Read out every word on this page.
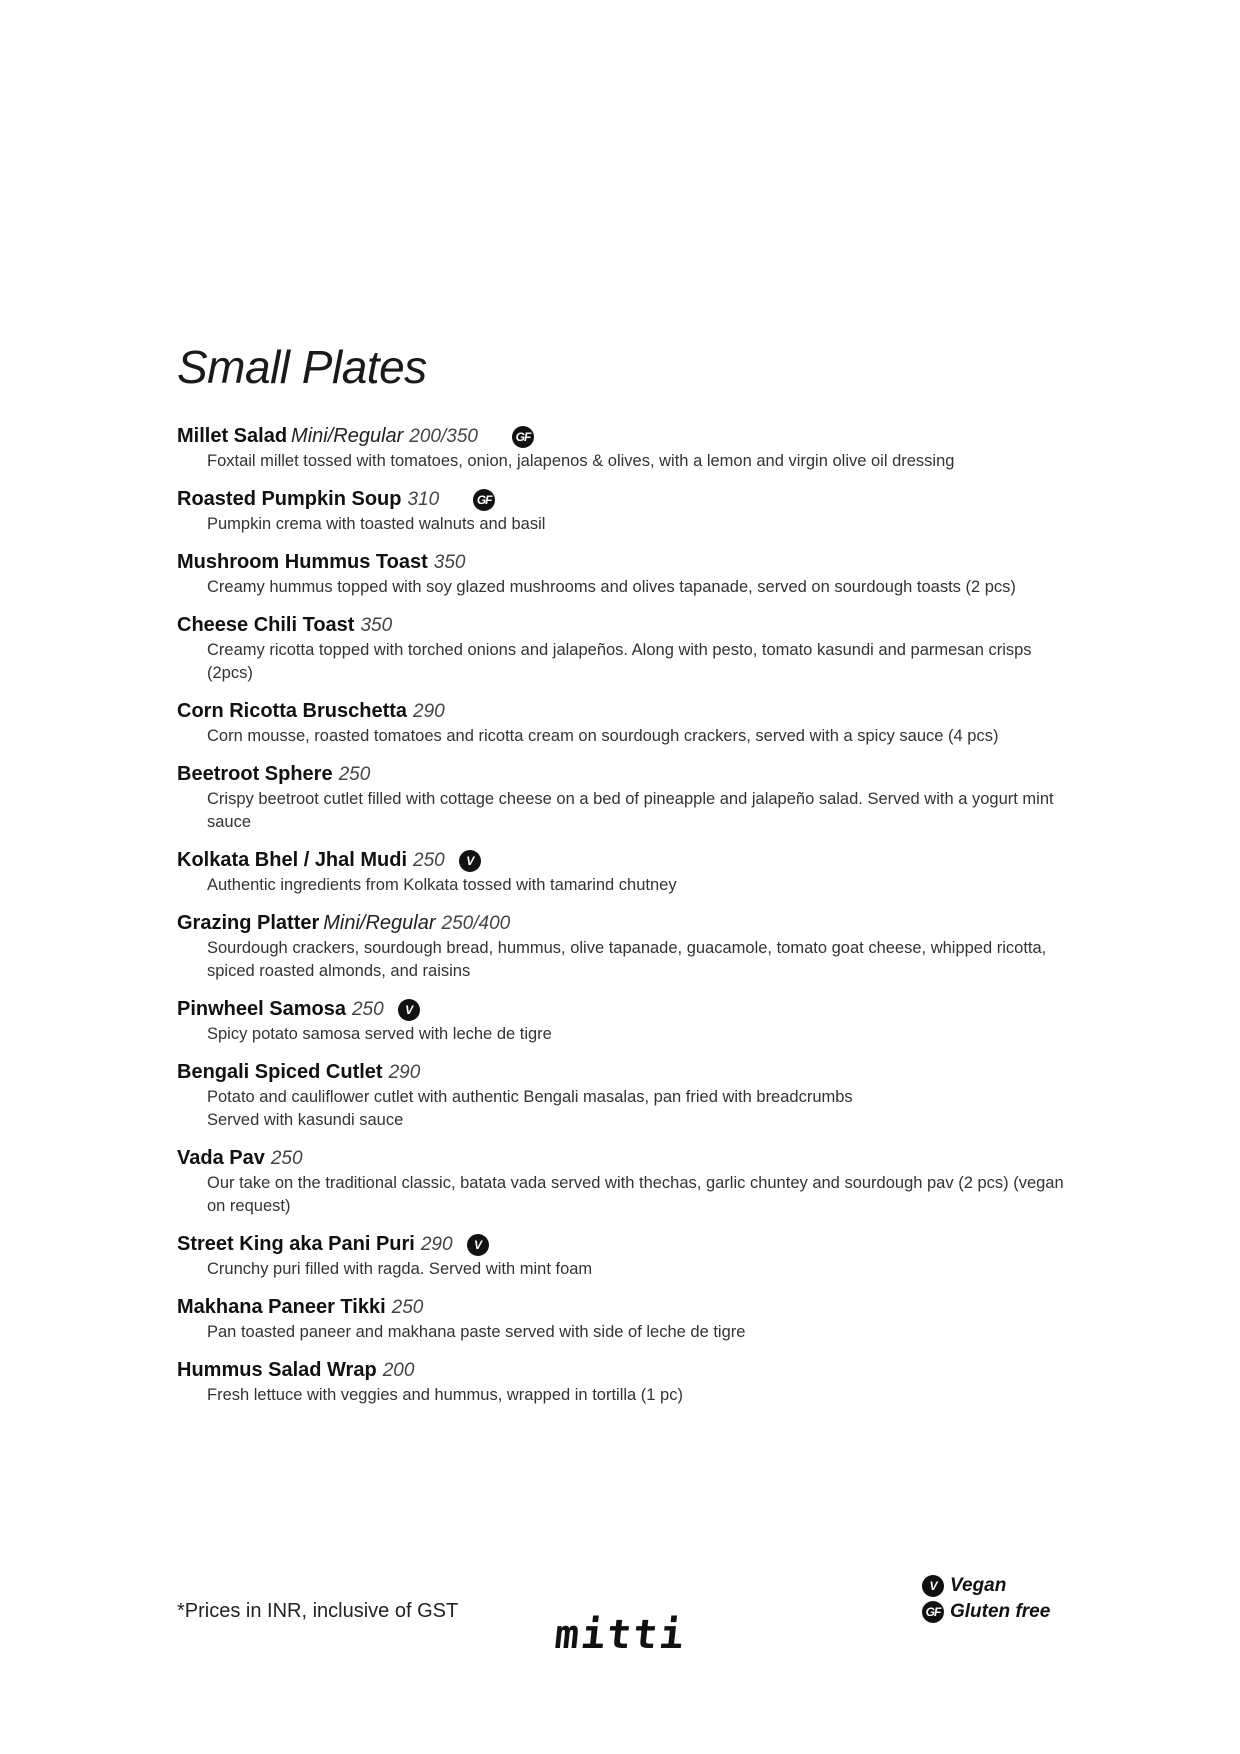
Small Plates
Millet Salad Mini/Regular 200/350	GF
Foxtail millet tossed with tomatoes, onion, jalapenos & olives, with a lemon and virgin olive oil dressing
Roasted Pumpkin Soup 310	GF
Pumpkin crema with toasted walnuts and basil
Mushroom Hummus Toast 350
Creamy hummus topped with soy glazed mushrooms and olives tapanade, served on sourdough toasts (2 pcs)
Cheese Chili Toast 350
Creamy ricotta topped with torched onions and jalapeños. Along with pesto, tomato kasundi and parmesan crisps (2pcs)
Corn Ricotta Bruschetta 290
Corn mousse, roasted tomatoes and ricotta cream on sourdough crackers, served with a spicy sauce (4 pcs)
Beetroot Sphere 250
Crispy beetroot cutlet filled with cottage cheese on a bed of pineapple and jalapeño salad. Served with a yogurt mint sauce
Kolkata Bhel / Jhal Mudi 250 V
Authentic ingredients from Kolkata tossed with tamarind chutney
Grazing Platter Mini/Regular 250/400
Sourdough crackers, sourdough bread, hummus, olive tapanade, guacamole, tomato goat cheese, whipped ricotta, spiced roasted almonds, and raisins
Pinwheel Samosa 250 V
Spicy potato samosa served with leche de tigre
Bengali Spiced Cutlet 290
Potato and cauliflower cutlet with authentic Bengali masalas, pan fried with breadcrumbs
Served with kasundi sauce
Vada Pav 250
Our take on the traditional classic, batata vada served with thechas, garlic chuntey and sourdough pav (2 pcs) (vegan on request)
Street King aka Pani Puri 290 V
Crunchy puri filled with ragda. Served with mint foam
Makhana Paneer Tikki 250
Pan toasted paneer and makhana paste served with side of leche de tigre
Hummus Salad Wrap 200
Fresh lettuce with veggies and hummus, wrapped in tortilla (1 pc)
*Prices in INR, inclusive of GST
mitti
V Vegan
GF Gluten free
